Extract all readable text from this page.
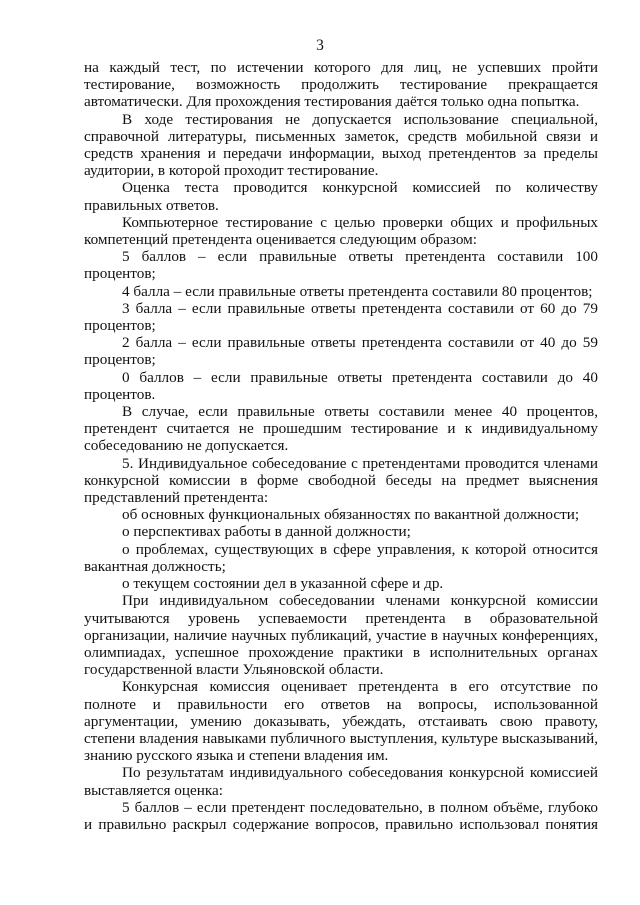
3

на каждый тест, по истечении которого для лиц, не успевших пройти тестирование, возможность продолжить тестирование прекращается автоматически. Для прохождения тестирования даётся только одна попытка.

В ходе тестирования не допускается использование специальной, справочной литературы, письменных заметок, средств мобильной связи и средств хранения и передачи информации, выход претендентов за пределы аудитории, в которой проходит тестирование.

Оценка теста проводится конкурсной комиссией по количеству правильных ответов.

Компьютерное тестирование с целью проверки общих и профильных компетенций претендента оценивается следующим образом:

5 баллов – если правильные ответы претендента составили 100 процентов;

4 балла – если правильные ответы претендента составили 80 процентов;

3 балла – если правильные ответы претендента составили от 60 до 79 процентов;

2 балла – если правильные ответы претендента составили от 40 до 59 процентов;

0 баллов – если правильные ответы претендента составили до 40 процентов.

В случае, если правильные ответы составили менее 40 процентов, претендент считается не прошедшим тестирование и к индивидуальному собеседованию не допускается.

5. Индивидуальное собеседование с претендентами проводится членами конкурсной комиссии в форме свободной беседы на предмет выяснения представлений претендента:

об основных функциональных обязанностях по вакантной должности;

о перспективах работы в данной должности;

о проблемах, существующих в сфере управления, к которой относится вакантная должность;

о текущем состоянии дел в указанной сфере и др.

При индивидуальном собеседовании членами конкурсной комиссии учитываются уровень успеваемости претендента в образовательной организации, наличие научных публикаций, участие в научных конференциях, олимпиадах, успешное прохождение практики в исполнительных органах государственной власти Ульяновской области.

Конкурсная комиссия оценивает претендента в его отсутствие по полноте и правильности его ответов на вопросы, использованной аргументации, умению доказывать, убеждать, отстаивать свою правоту, степени владения навыками публичного выступления, культуре высказываний, знанию русского языка и степени владения им.

По результатам индивидуального собеседования конкурсной комиссией выставляется оценка:

5 баллов – если претендент последовательно, в полном объёме, глубоко и правильно раскрыл содержание вопросов, правильно использовал понятия
